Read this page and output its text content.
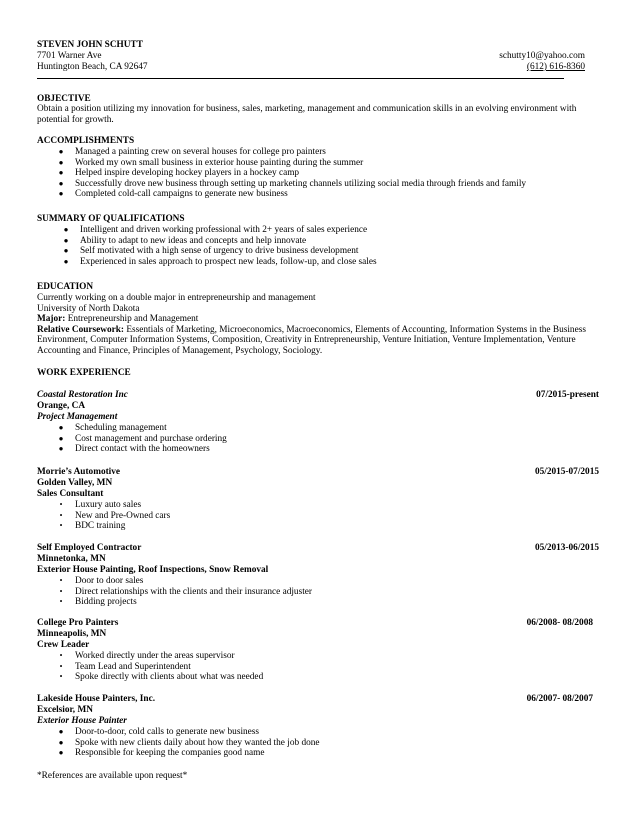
STEVEN JOHN SCHUTT
7701 Warner Ave
Huntington Beach, CA 92647
schutty10@yahoo.com
(612) 616-8360
OBJECTIVE
Obtain a position utilizing my innovation for business, sales, marketing, management and communication skills in an evolving environment with potential for growth.
ACCOMPLISHMENTS
● Managed a painting crew on several houses for college pro painters
● Worked my own small business in exterior house painting during the summer
● Helped inspire developing hockey players in a hockey camp
● Successfully drove new business through setting up marketing channels utilizing social media through friends and family
● Completed cold-call campaigns to generate new business
SUMMARY OF QUALIFICATIONS
● Intelligent and driven working professional with 2+ years of sales experience
● Ability to adapt to new ideas and concepts and help innovate
● Self motivated with a high sense of urgency to drive business development
● Experienced in sales approach to prospect new leads, follow-up, and close sales
EDUCATION
Currently working on a double major in entrepreneurship and management
University of North Dakota
Major: Entrepreneurship and Management
Relative Coursework: Essentials of Marketing, Microeconomics, Macroeconomics, Elements of Accounting, Information Systems in the Business Environment, Computer Information Systems, Composition, Creativity in Entrepreneurship, Venture Initiation, Venture Implementation, Venture Accounting and Finance, Principles of Management, Psychology, Sociology.
WORK EXPERIENCE
Coastal Restoration Inc	07/2015-present
Orange, CA
Project Management
● Scheduling management
● Cost management and purchase ordering
● Direct contact with the homeowners
Morrie’s Automotive	05/2015-07/2015
Golden Valley, MN
Sales Consultant
• Luxury auto sales
• New and Pre-Owned cars
• BDC training
Self Employed Contractor	05/2013-06/2015
Minnetonka, MN
Exterior House Painting, Roof Inspections, Snow Removal
• Door to door sales
• Direct relationships with the clients and their insurance adjuster
• Bidding projects
College Pro Painters	06/2008- 08/2008
Minneapolis, MN
Crew Leader
• Worked directly under the areas supervisor
• Team Lead and Superintendent
• Spoke directly with clients about what was needed
Lakeside House Painters, Inc.	06/2007- 08/2007
Excelsior, MN
Exterior House Painter
● Door-to-door, cold calls to generate new business
● Spoke with new clients daily about how they wanted the job done
● Responsible for keeping the companies good name
*References are available upon request*
